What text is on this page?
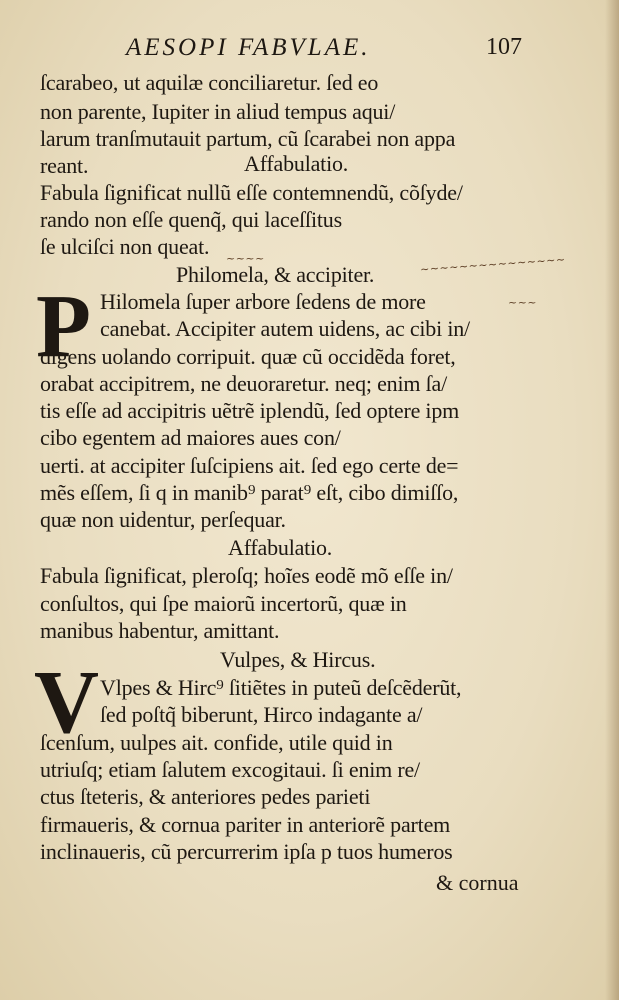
AESOPI FABVLAE.	107
ſcarabeo, ut aquilæ conciliaretur. ſed eo
non parente, Iupiter in aliud tempus aqui/
larum tranſmutauit partum, cũ ſcarabei non appa
reant.	Affabulatio.
Fabula ſignificat nullũ eſſe contemnendũ, cõſyde/
rando non eſſe quenq̃, qui laceſſitus
ſe ulciſci non queat.
Philomela, & accipiter.
~~~~	~~~~~~~~~~~~~~~
~~~
P Hilomela ſuper arbore ſedens de more
canebat. Accipiter autem uidens, ac cibi in/
digens uolando corripuit. quæ cũ occidẽda foret,
orabat accipitrem, ne deuoraretur. neq; enim ſa/
tis eſſe ad accipitris uẽtrẽ iplendũ, ſed optere ipm
cibo egentem ad maiores aues con/
uerti. at accipiter ſuſcipiens ait. ſed ego certe de=
mẽs eſſem, ſi q in manib⁹ parat⁹ eſt, cibo dimiſſo,
quæ non uidentur, perſequar.
Affabulatio.
Fabula ſignificat, pleroſq; hoĩes eodẽ mõ eſſe in/
conſultos, qui ſpe maiorũ incertorũ, quæ in
manibus habentur, amittant.
Vulpes, & Hircus.
V Vlpes & Hirc⁹ ſitiẽtes in puteũ deſcẽderũt,
ſed poſtq̃ biberunt, Hirco indagante a/
ſcenſum, uulpes ait. confide, utile quid in
utriuſq; etiam ſalutem excogitaui. ſi enim re/
ctus ſteteris, & anteriores pedes parieti
firmaueris, & cornua pariter in anteriorẽ partem
inclinaueris, cũ percurrerim ipſa p tuos humeros
& cornua
